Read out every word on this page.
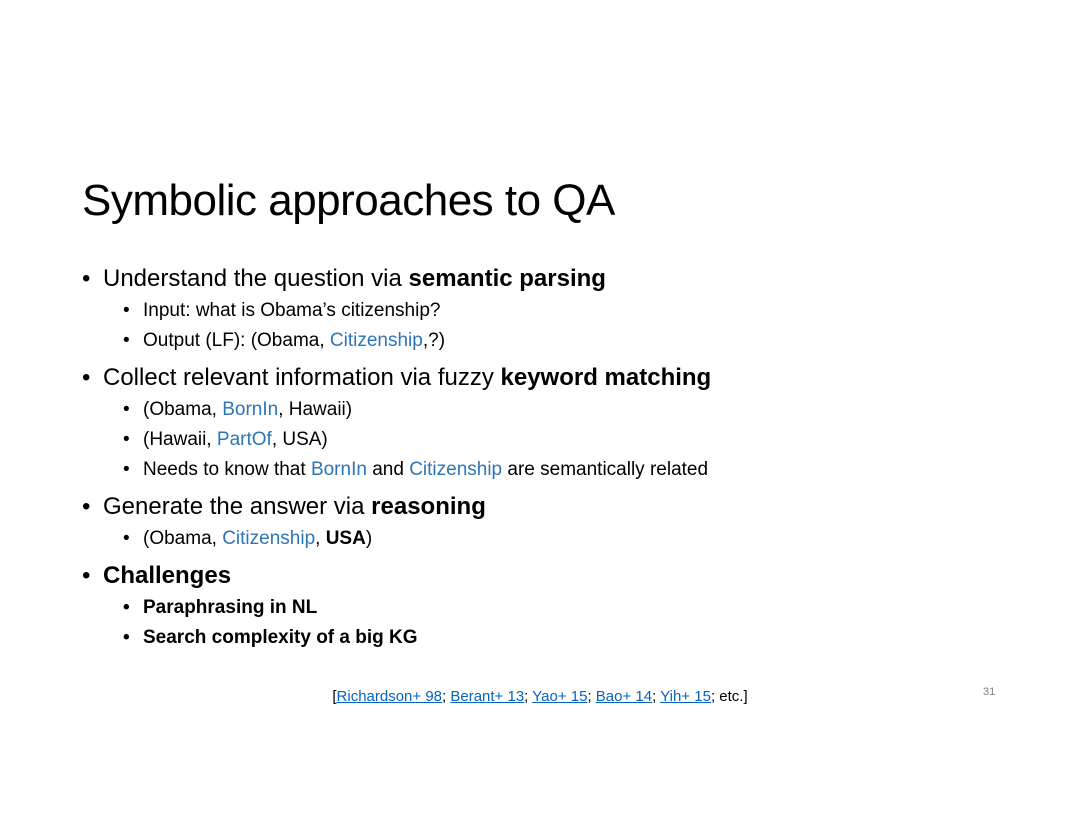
Symbolic approaches to QA
• Understand the question via semantic parsing
• Input: what is Obama’s citizenship?
• Output (LF): (Obama, Citizenship,?)
• Collect relevant information via fuzzy keyword matching
• (Obama, BornIn, Hawaii)
• (Hawaii, PartOf, USA)
• Needs to know that BornIn and Citizenship are semantically related
• Generate the answer via reasoning
• (Obama, Citizenship, USA)
• Challenges
• Paraphrasing in NL
• Search complexity of a big KG
[Richardson+ 98; Berant+ 13; Yao+ 15; Bao+ 14; Yih+ 15; etc.]	31
